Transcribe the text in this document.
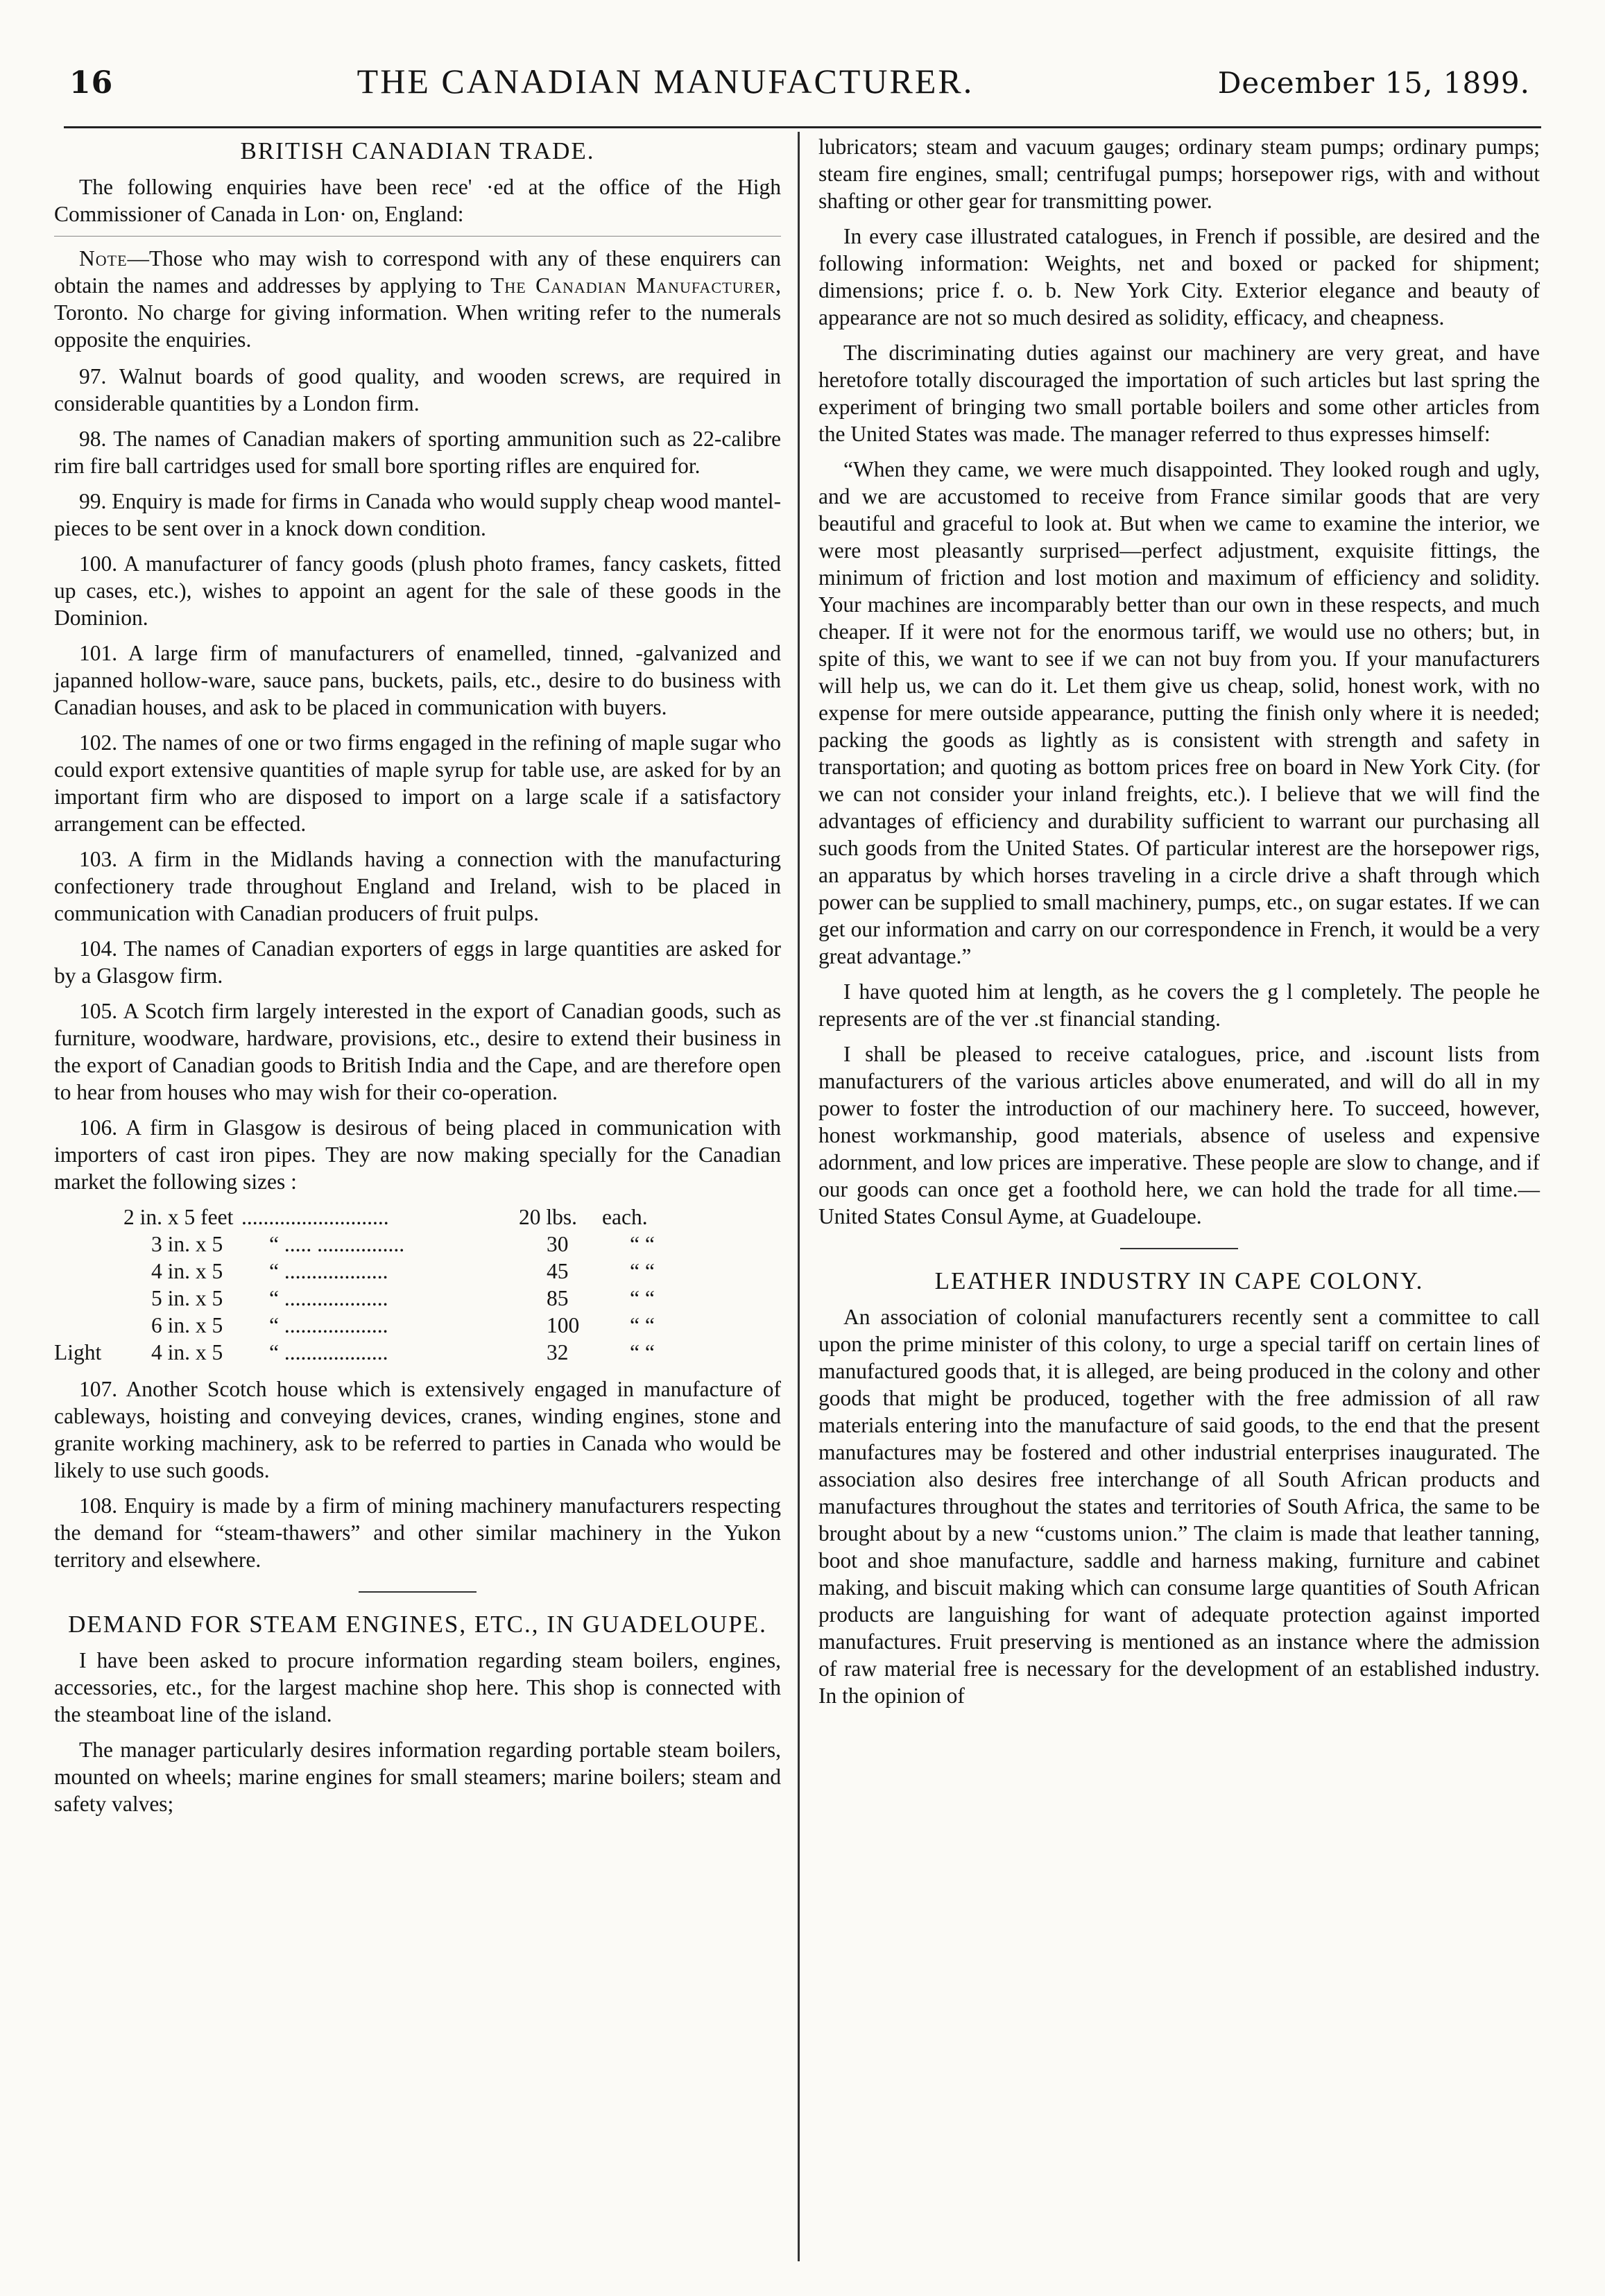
16	THE CANADIAN MANUFACTURER.	December 15, 1899.
BRITISH CANADIAN TRADE.

The following enquiries have been rece' ·ed at the office of the High Commissioner of Canada in Lon· on, England:

Note—Those who may wish to correspond with any of these enquirers can obtain the names and addresses by applying to The Canadian Manufacturer, Toronto. No charge for giving information. When writing refer to the numerals opposite the enquiries.

97. Walnut boards of good quality, and wooden screws, are required in considerable quantities by a London firm.

98. The names of Canadian makers of sporting ammunition such as 22-calibre rim fire ball cartridges used for small bore sporting rifles are enquired for.

99. Enquiry is made for firms in Canada who would supply cheap wood mantel-pieces to be sent over in a knock down condition.

100. A manufacturer of fancy goods (plush photo frames, fancy caskets, fitted up cases, etc.), wishes to appoint an agent for the sale of these goods in the Dominion.

101. A large firm of manufacturers of enamelled, tinned, -galvanized and japanned hollow-ware, sauce pans, buckets, pails, etc., desire to do business with Canadian houses, and ask to be placed in communication with buyers.

102. The names of one or two firms engaged in the refining of maple sugar who could export extensive quantities of maple syrup for table use, are asked for by an important firm who are disposed to import on a large scale if a satisfactory arrangement can be effected.

103. A firm in the Midlands having a connection with the manufacturing confectionery trade throughout England and Ireland, wish to be placed in communication with Canadian producers of fruit pulps.

104. The names of Canadian exporters of eggs in large quantities are asked for by a Glasgow firm.

105. A Scotch firm largely interested in the export of Canadian goods, such as furniture, woodware, hardware, provisions, etc., desire to extend their business in the export of Canadian goods to British India and the Cape, and are therefore open to hear from houses who may wish for their co-operation.

106. A firm in Glasgow is desirous of being placed in communication with importers of cast iron pipes. They are now making specially for the Canadian market the following sizes :

2 in. x 5 feet ...........................	20 lbs.	each.
3 in. x 5	“ ..... ................	30	“ “
4 in. x 5	“ ...................	45	“ “
5 in. x 5	“ ...................	85	“ “
6 in. x 5	“ ...................	100	“ “
Light	4 in. x 5	“ ...................	32	“ “

107. Another Scotch house which is extensively engaged in manufacture of cableways, hoisting and conveying devices, cranes, winding engines, stone and granite working machinery, ask to be referred to parties in Canada who would be likely to use such goods.

108. Enquiry is made by a firm of mining machinery manufacturers respecting the demand for “steam-thawers” and other similar machinery in the Yukon territory and elsewhere.

DEMAND FOR STEAM ENGINES, ETC., IN GUADELOUPE.

I have been asked to procure information regarding steam boilers, engines, accessories, etc., for the largest machine shop here. This shop is connected with the steamboat line of the island.

The manager particularly desires information regarding portable steam boilers, mounted on wheels; marine engines for small steamers; marine boilers; steam and safety valves;

lubricators; steam and vacuum gauges; ordinary steam pumps; ordinary pumps; steam fire engines, small; centrifugal pumps; horsepower rigs, with and without shafting or other gear for transmitting power.

In every case illustrated catalogues, in French if possible, are desired and the following information: Weights, net and boxed or packed for shipment; dimensions; price f. o. b. New York City. Exterior elegance and beauty of appearance are not so much desired as solidity, efficacy, and cheapness.

The discriminating duties against our machinery are very great, and have heretofore totally discouraged the importation of such articles but last spring the experiment of bringing two small portable boilers and some other articles from the United States was made. The manager referred to thus expresses himself:

“When they came, we were much disappointed. They looked rough and ugly, and we are accustomed to receive from France similar goods that are very beautiful and graceful to look at. But when we came to examine the interior, we were most pleasantly surprised—perfect adjustment, exquisite fittings, the minimum of friction and lost motion and maximum of efficiency and solidity. Your machines are incomparably better than our own in these respects, and much cheaper. If it were not for the enormous tariff, we would use no others; but, in spite of this, we want to see if we can not buy from you. If your manufacturers will help us, we can do it. Let them give us cheap, solid, honest work, with no expense for mere outside appearance, putting the finish only where it is needed; packing the goods as lightly as is consistent with strength and safety in transportation; and quoting as bottom prices free on board in New York City. (for we can not consider your inland freights, etc.). I believe that we will find the advantages of efficiency and durability sufficient to warrant our purchasing all such goods from the United States. Of particular interest are the horsepower rigs, an apparatus by which horses traveling in a circle drive a shaft through which power can be supplied to small machinery, pumps, etc., on sugar estates. If we can get our information and carry on our correspondence in French, it would be a very great advantage.”

I have quoted him at length, as he covers the g l completely. The people he represents are of the ver .st financial standing.

I shall be pleased to receive catalogues, price, and .iscount lists from manufacturers of the various articles above enumerated, and will do all in my power to foster the introduction of our machinery here. To succeed, however, honest workmanship, good materials, absence of useless and expensive adornment, and low prices are imperative. These people are slow to change, and if our goods can once get a foothold here, we can hold the trade for all time.—United States Consul Ayme, at Guadeloupe.

LEATHER INDUSTRY IN CAPE COLONY.

An association of colonial manufacturers recently sent a committee to call upon the prime minister of this colony, to urge a special tariff on certain lines of manufactured goods that, it is alleged, are being produced in the colony and other goods that might be produced, together with the free admission of all raw materials entering into the manufacture of said goods, to the end that the present manufactures may be fostered and other industrial enterprises inaugurated. The association also desires free interchange of all South African products and manufactures throughout the states and territories of South Africa, the same to be brought about by a new “customs union.” The claim is made that leather tanning, boot and shoe manufacture, saddle and harness making, furniture and cabinet making, and biscuit making which can consume large quantities of South African products are languishing for want of adequate protection against imported manufactures. Fruit preserving is mentioned as an instance where the admission of raw material free is necessary for the development of an established industry. In the opinion of
